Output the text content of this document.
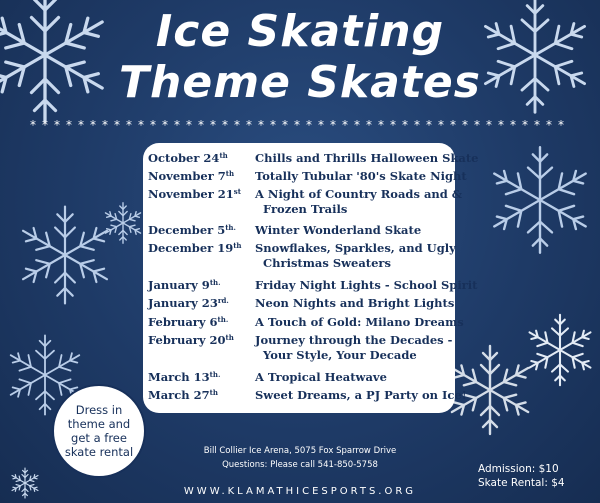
Ice Skating
Theme Skates
*********************************************
October 24th Chills and Thrills Halloween Skate
November 7th Totally Tubular '80's Skate Night
November 21st A Night of Country Roads and &
Frozen Trails
December $5^{th.}$ Winter Wonderland Skate
December 19th Snowflakes, Sparkles, and Ugly
Christmas Sweaters
January $9^{th.}$	Friday Night Lights - School Spirit
January $23^{rd.}$ Neon Nights and Bright Lights
February $6^{th.}$ A Touch of Gold: Milano Dreams
February 20th Journey through the Decades -
Your Style, Your Decade
March $13^{th.}$	A Tropical Heatwave
March 27th	Sweet Dreams, a PJ Party on Ice!
Dress in theme and get a free skate rental	Bill Collier Ice Arena, 5075 Fox Sparrow Drive
Questions: Please call 541-850-5758	Admission: $10
Skate Rental: $4
WWW.KLAMATHICESPORTS.ORG
